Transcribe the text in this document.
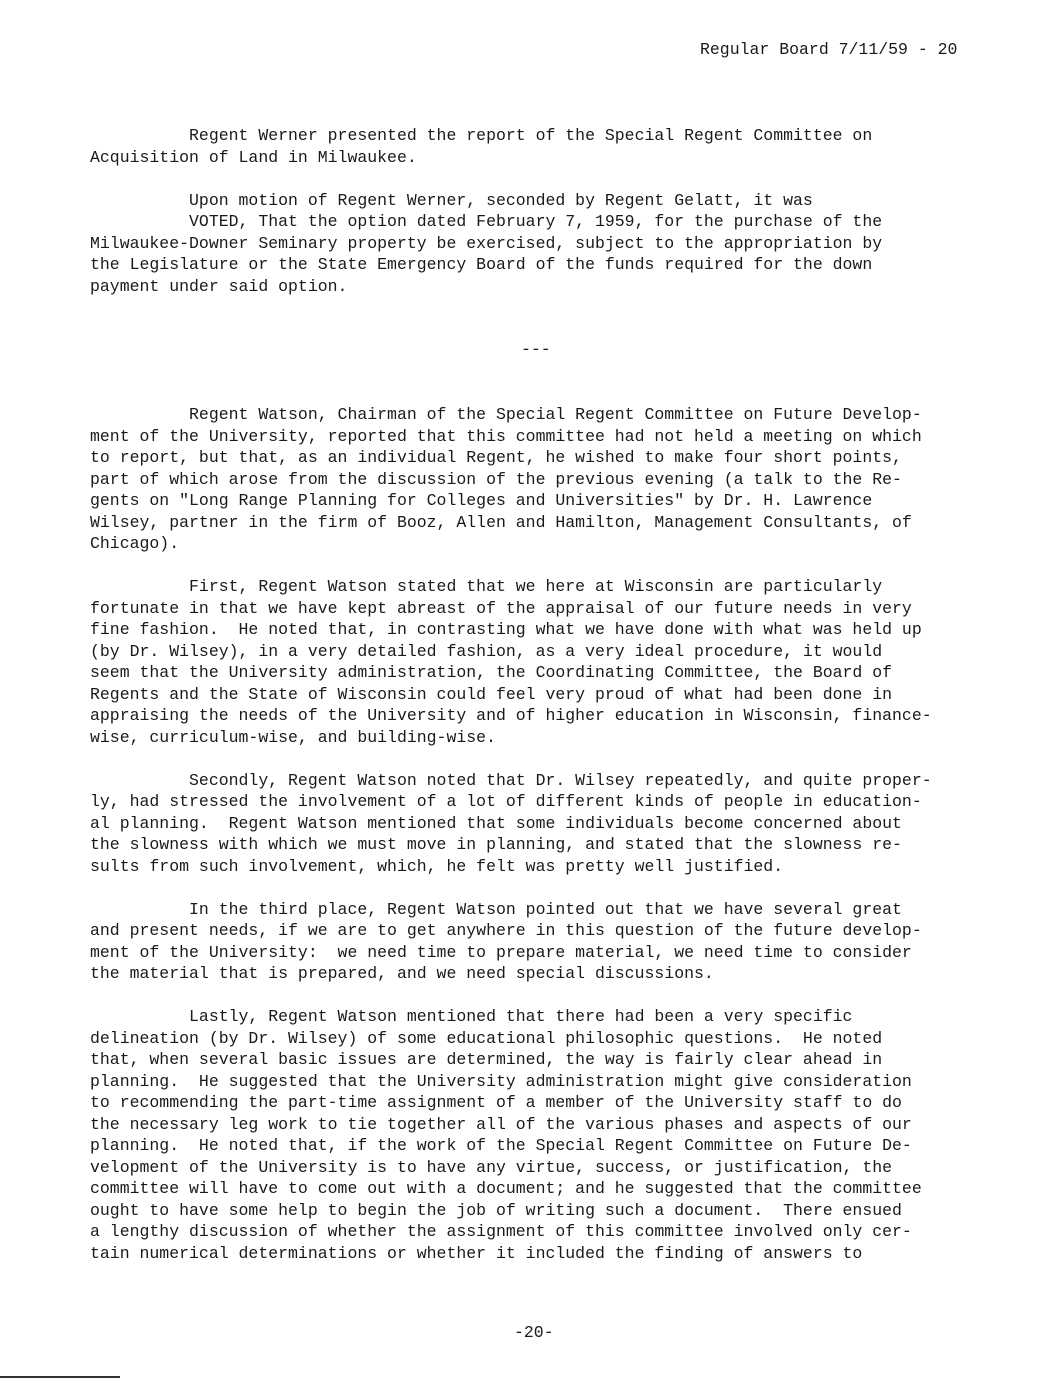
Regular Board 7/11/59 - 20

Regent Werner presented the report of the Special Regent Committee on
Acquisition of Land in Milwaukee.

Upon motion of Regent Werner, seconded by Regent Gelatt, it was
VOTED, That the option dated February 7, 1959, for the purchase of the
Milwaukee-Downer Seminary property be exercised, subject to the appropriation by
the Legislature or the State Emergency Board of the funds required for the down
payment under said option.

---

Regent Watson, Chairman of the Special Regent Committee on Future Develop-
ment of the University, reported that this committee had not held a meeting on which
to report, but that, as an individual Regent, he wished to make four short points,
part of which arose from the discussion of the previous evening (a talk to the Re-
gents on "Long Range Planning for Colleges and Universities" by Dr. H. Lawrence
Wilsey, partner in the firm of Booz, Allen and Hamilton, Management Consultants, of
Chicago).

First, Regent Watson stated that we here at Wisconsin are particularly
fortunate in that we have kept abreast of the appraisal of our future needs in very
fine fashion.  He noted that, in contrasting what we have done with what was held up
(by Dr. Wilsey), in a very detailed fashion, as a very ideal procedure, it would
seem that the University administration, the Coordinating Committee, the Board of
Regents and the State of Wisconsin could feel very proud of what had been done in
appraising the needs of the University and of higher education in Wisconsin, finance-
wise, curriculum-wise, and building-wise.

Secondly, Regent Watson noted that Dr. Wilsey repeatedly, and quite proper-
ly, had stressed the involvement of a lot of different kinds of people in education-
al planning.  Regent Watson mentioned that some individuals become concerned about
the slowness with which we must move in planning, and stated that the slowness re-
sults from such involvement, which, he felt was pretty well justified.

In the third place, Regent Watson pointed out that we have several great
and present needs, if we are to get anywhere in this question of the future develop-
ment of the University:  we need time to prepare material, we need time to consider
the material that is prepared, and we need special discussions.

Lastly, Regent Watson mentioned that there had been a very specific
delineation (by Dr. Wilsey) of some educational philosophic questions.  He noted
that, when several basic issues are determined, the way is fairly clear ahead in
planning.  He suggested that the University administration might give consideration
to recommending the part-time assignment of a member of the University staff to do
the necessary leg work to tie together all of the various phases and aspects of our
planning.  He noted that, if the work of the Special Regent Committee on Future De-
velopment of the University is to have any virtue, success, or justification, the
committee will have to come out with a document; and he suggested that the committee
ought to have some help to begin the job of writing such a document.  There ensued
a lengthy discussion of whether the assignment of this committee involved only cer-
tain numerical determinations or whether it included the finding of answers to

-20-
